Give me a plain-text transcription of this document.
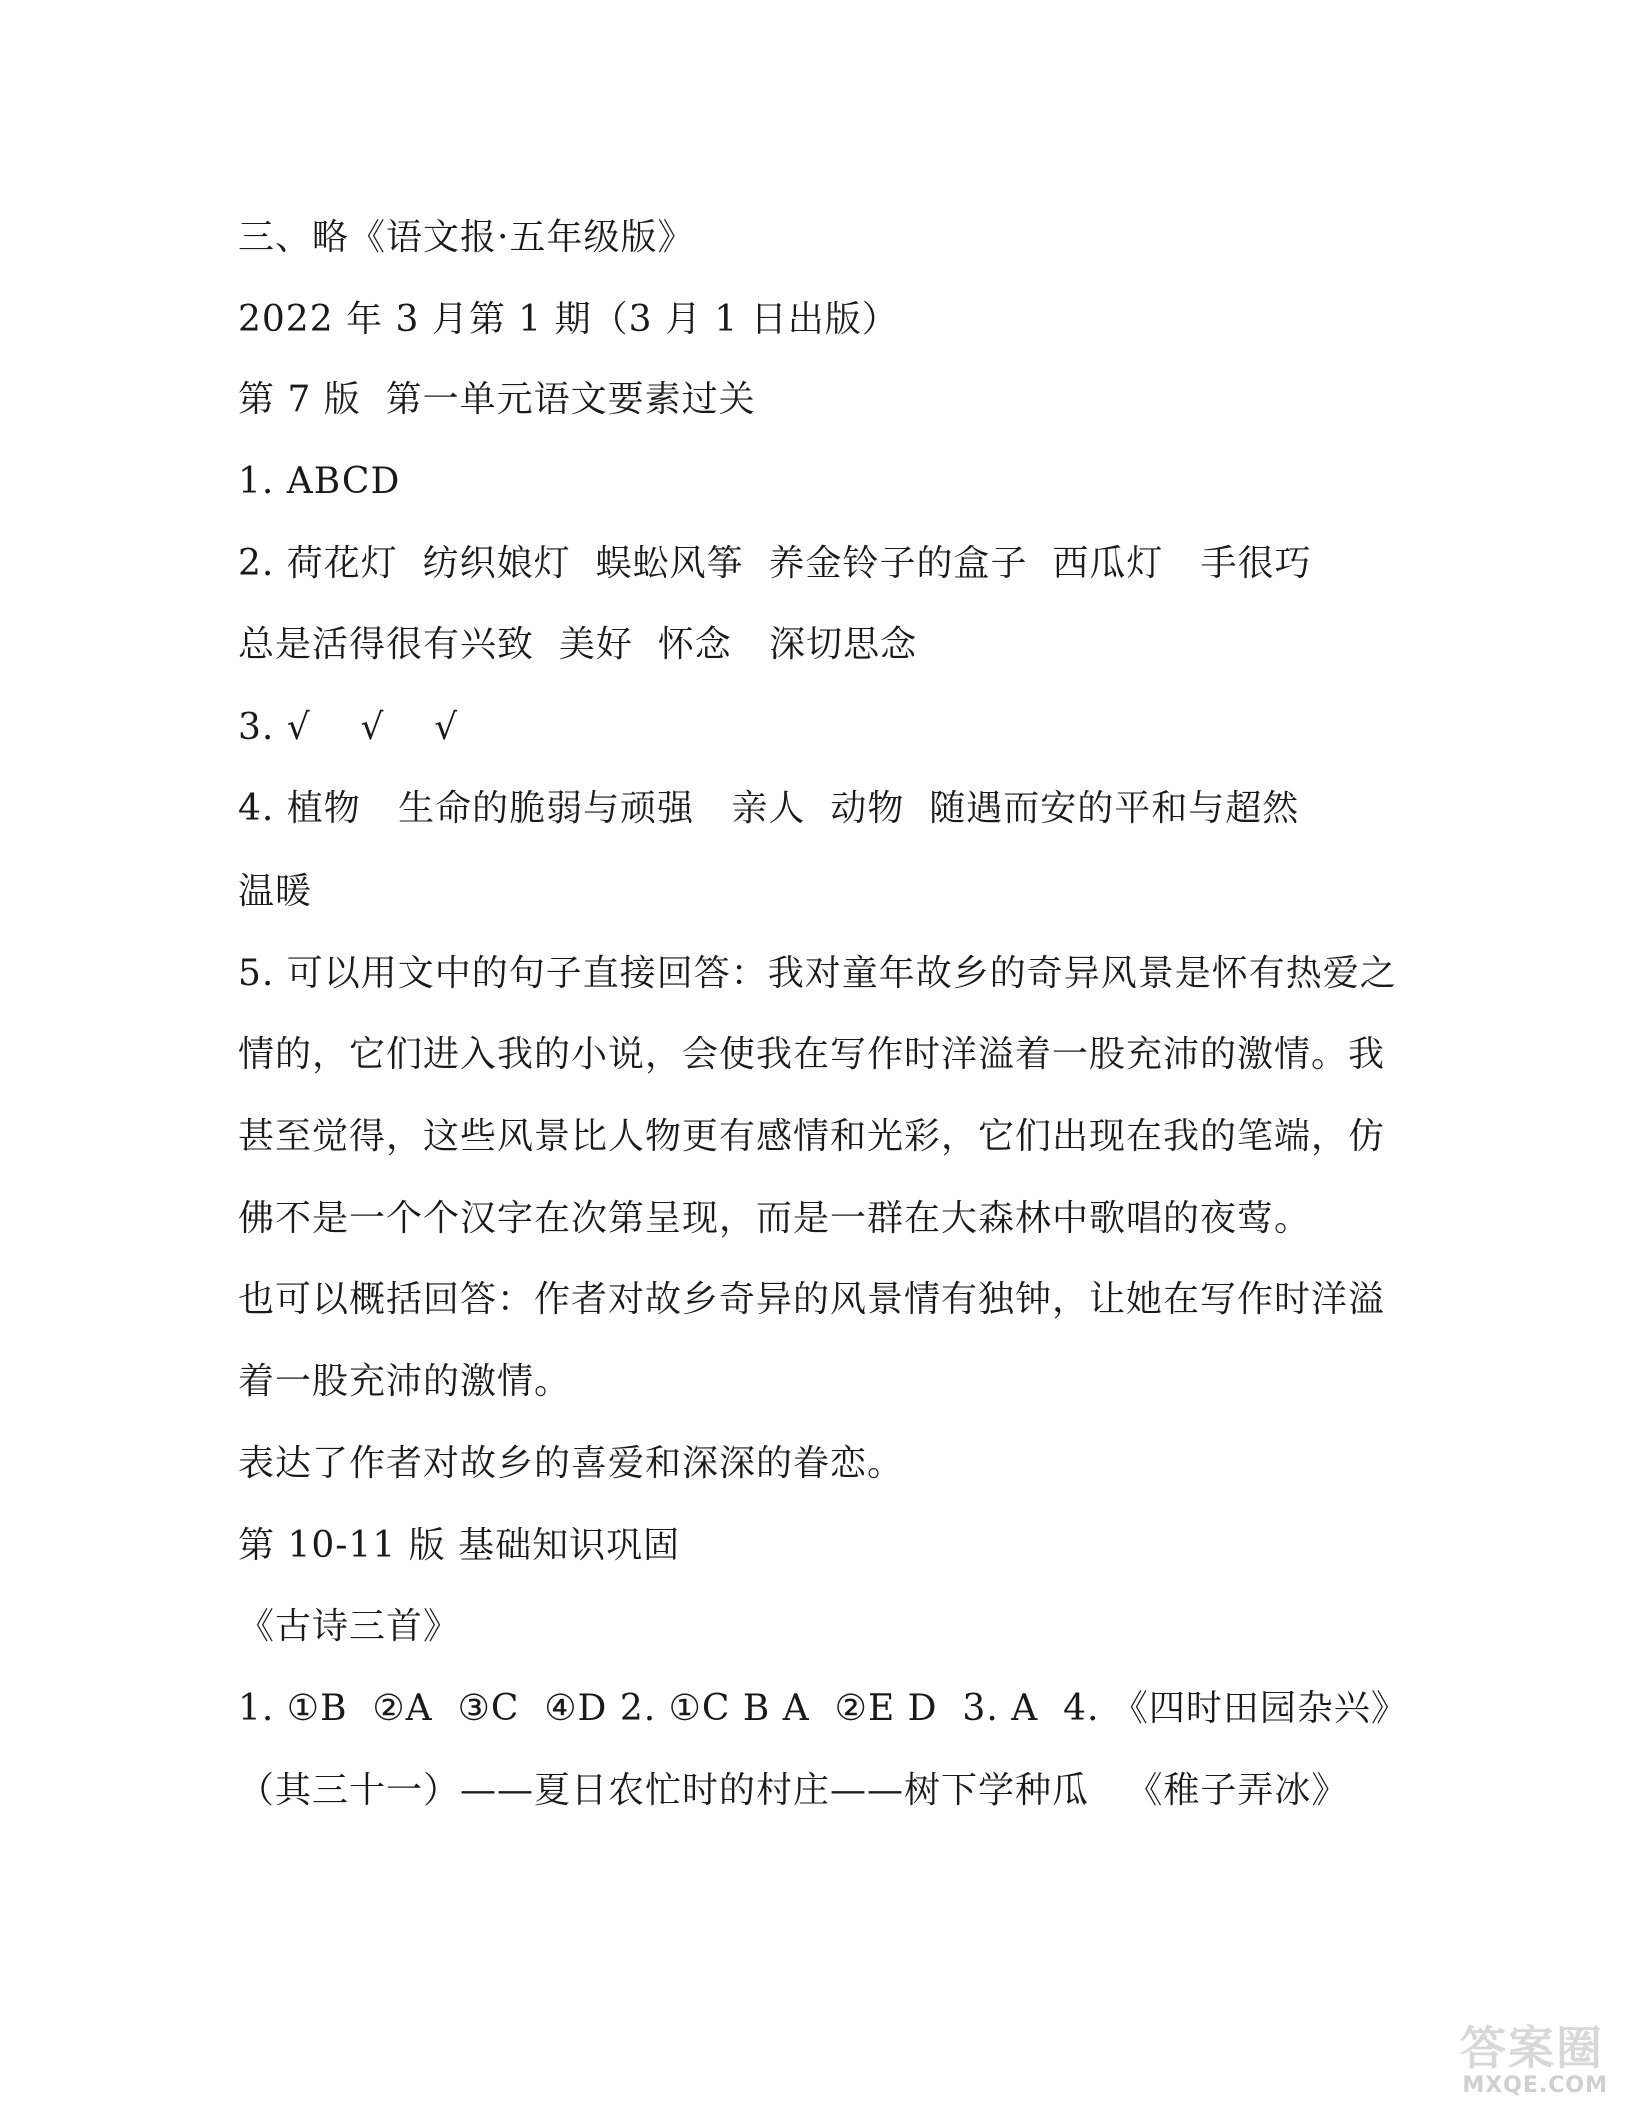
三、略《语文报·五年级版》
2022 年 3 月第 1 期（3 月 1 日出版）
第 7 版  第一单元语文要素过关
1. ABCD
2. 荷花灯  纺织娘灯  蜈蚣风筝  养金铃子的盒子  西瓜灯   手很巧
总是活得很有兴致  美好  怀念   深切思念
3. √    √    √
4. 植物   生命的脆弱与顽强   亲人  动物  随遇而安的平和与超然
温暖
5. 可以用文中的句子直接回答：我对童年故乡的奇异风景是怀有热爱之
情的，它们进入我的小说，会使我在写作时洋溢着一股充沛的激情。我
甚至觉得，这些风景比人物更有感情和光彩，它们出现在我的笔端，仿
佛不是一个个汉字在次第呈现，而是一群在大森林中歌唱的夜莺。
也可以概括回答：作者对故乡奇异的风景情有独钟，让她在写作时洋溢
着一股充沛的激情。
表达了作者对故乡的喜爱和深深的眷恋。
第 10-11 版 基础知识巩固
《古诗三首》
1. ①B  ②A  ③C  ④D 2. ①C B A  ②E D  3. A  4. 《四时田园杂兴》
（其三十一）——夏日农忙时的村庄——树下学种瓜   《稚子弄冰》
答案圈
MXQE.COM
